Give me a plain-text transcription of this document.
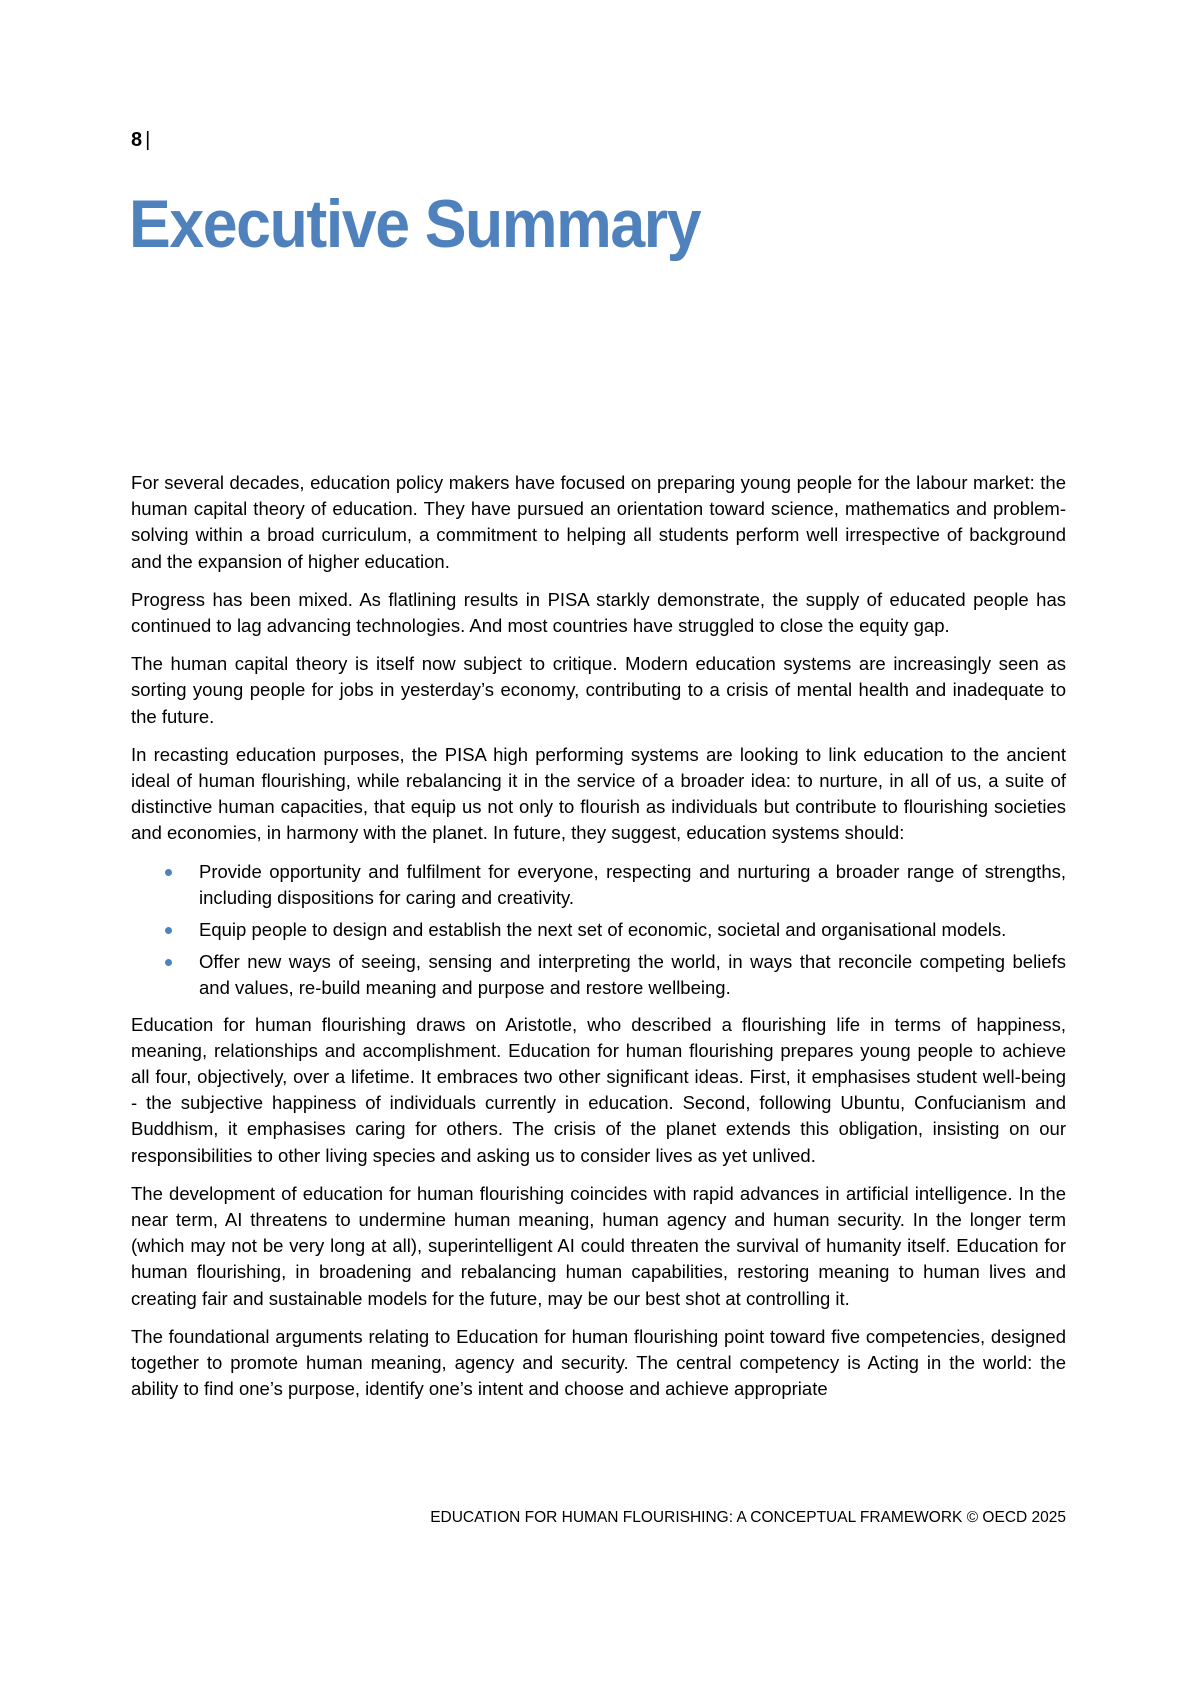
8 |
Executive Summary

For several decades, education policy makers have focused on preparing young people for the labour market: the human capital theory of education. They have pursued an orientation toward science, mathematics and problem-solving within a broad curriculum, a commitment to helping all students perform well irrespective of background and the expansion of higher education.

Progress has been mixed. As flatlining results in PISA starkly demonstrate, the supply of educated people has continued to lag advancing technologies. And most countries have struggled to close the equity gap.

The human capital theory is itself now subject to critique. Modern education systems are increasingly seen as sorting young people for jobs in yesterday’s economy, contributing to a crisis of mental health and inadequate to the future.

In recasting education purposes, the PISA high performing systems are looking to link education to the ancient ideal of human flourishing, while rebalancing it in the service of a broader idea: to nurture, in all of us, a suite of distinctive human capacities, that equip us not only to flourish as individuals but contribute to flourishing societies and economies, in harmony with the planet. In future, they suggest, education systems should:

Provide opportunity and fulfilment for everyone, respecting and nurturing a broader range of strengths, including dispositions for caring and creativity.
Equip people to design and establish the next set of economic, societal and organisational models.
Offer new ways of seeing, sensing and interpreting the world, in ways that reconcile competing beliefs and values, re-build meaning and purpose and restore wellbeing.

Education for human flourishing draws on Aristotle, who described a flourishing life in terms of happiness, meaning, relationships and accomplishment. Education for human flourishing prepares young people to achieve all four, objectively, over a lifetime. It embraces two other significant ideas. First, it emphasises student well-being - the subjective happiness of individuals currently in education. Second, following Ubuntu, Confucianism and Buddhism, it emphasises caring for others. The crisis of the planet extends this obligation, insisting on our responsibilities to other living species and asking us to consider lives as yet unlived.

The development of education for human flourishing coincides with rapid advances in artificial intelligence. In the near term, AI threatens to undermine human meaning, human agency and human security. In the longer term (which may not be very long at all), superintelligent AI could threaten the survival of humanity itself. Education for human flourishing, in broadening and rebalancing human capabilities, restoring meaning to human lives and creating fair and sustainable models for the future, may be our best shot at controlling it.

The foundational arguments relating to Education for human flourishing point toward five competencies, designed together to promote human meaning, agency and security. The central competency is Acting in the world: the ability to find one’s purpose, identify one’s intent and choose and achieve appropriate

EDUCATION FOR HUMAN FLOURISHING: A CONCEPTUAL FRAMEWORK © OECD 2025
